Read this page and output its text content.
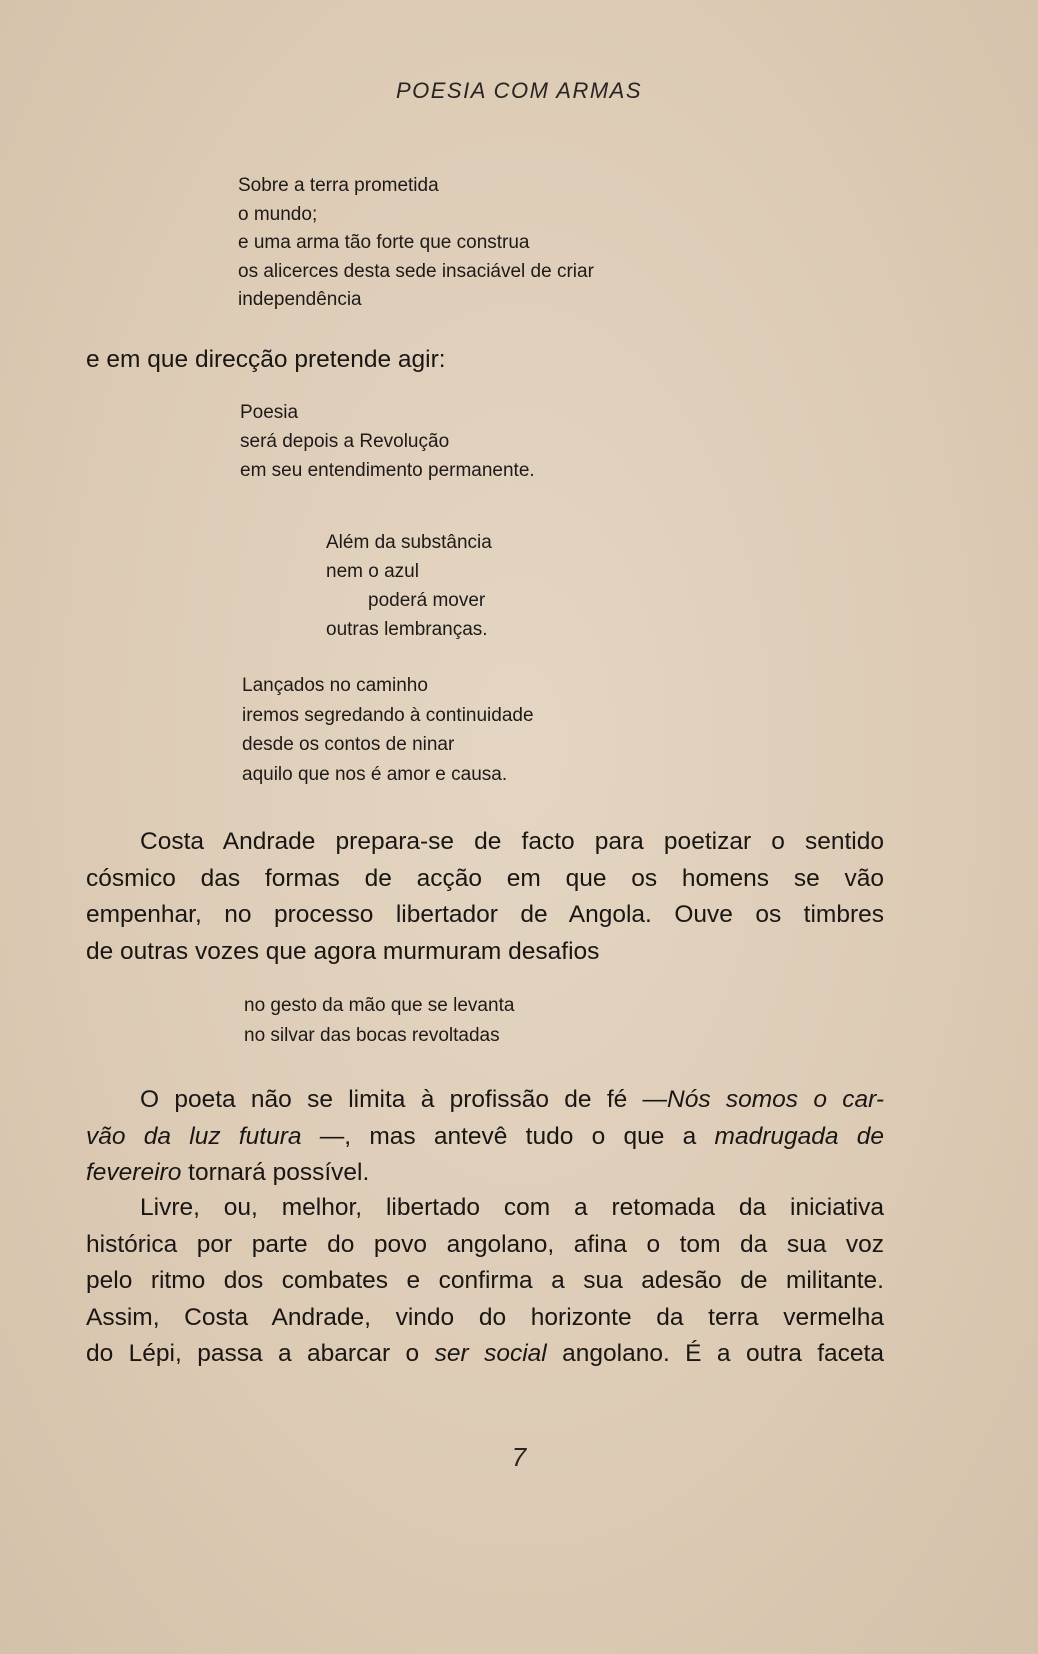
POESIA COM ARMAS
Sobre a terra prometida
o mundo;
e uma arma tão forte que construa
os alicerces desta sede insaciável de criar
independência
e em que direcção pretende agir:
Poesia
será depois a Revolução
em seu entendimento permanente.
Além da substância
nem o azul
poderá mover
outras lembranças.
Lançados no caminho
iremos segredando à continuidade
desde os contos de ninar
aquilo que nos é amor e causa.
Costa Andrade prepara-se de facto para poetizar o sentido
cósmico das formas de acção em que os homens se vão
empenhar, no processo libertador de Angola. Ouve os timbres
de outras vozes que agora murmuram desafios
no gesto da mão que se levanta
no silvar das bocas revoltadas
O poeta não se limita à profissão de fé —Nós somos o car-
vão da luz futura —, mas antevê tudo o que a madrugada de
fevereiro tornará possível.
Livre, ou, melhor, libertado com a retomada da iniciativa
histórica por parte do povo angolano, afina o tom da sua voz
pelo ritmo dos combates e confirma a sua adesão de militante.
Assim, Costa Andrade, vindo do horizonte da terra vermelha
do Lépi, passa a abarcar o ser social angolano. É a outra faceta
7
